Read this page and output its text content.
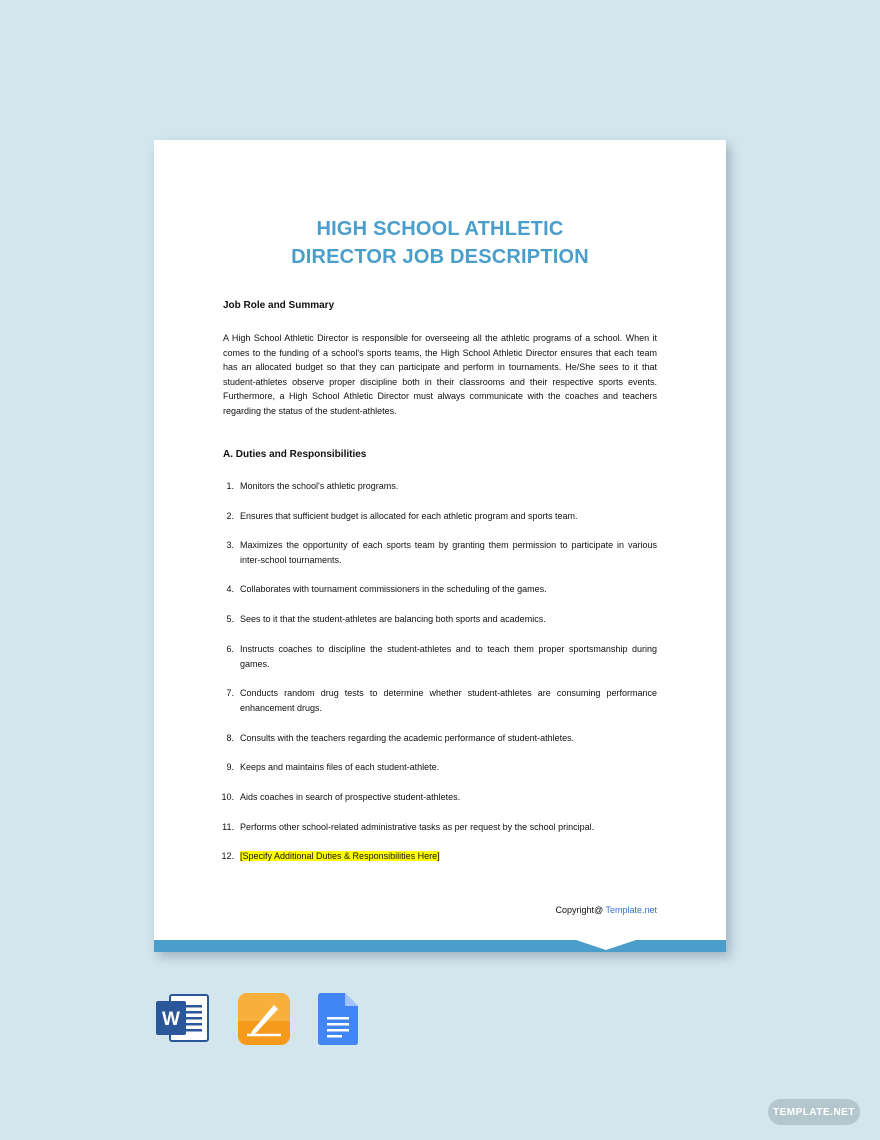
HIGH SCHOOL ATHLETIC
DIRECTOR JOB DESCRIPTION
Job Role and Summary
A High School Athletic Director is responsible for overseeing all the athletic programs of a school. When it comes to the funding of a school's sports teams, the High School Athletic Director ensures that each team has an allocated budget so that they can participate and perform in tournaments. He/She sees to it that student-athletes observe proper discipline both in their classrooms and their respective sports events. Furthermore, a High School Athletic Director must always communicate with the coaches and teachers regarding the status of the student-athletes.
A. Duties and Responsibilities
1. Monitors the school's athletic programs.
2. Ensures that sufficient budget is allocated for each athletic program and sports team.
3. Maximizes the opportunity of each sports team by granting them permission to participate in various inter-school tournaments.
4. Collaborates with tournament commissioners in the scheduling of the games.
5. Sees to it that the student-athletes are balancing both sports and academics.
6. Instructs coaches to discipline the student-athletes and to teach them proper sportsmanship during games.
7. Conducts random drug tests to determine whether student-athletes are consuming performance enhancement drugs.
8. Consults with the teachers regarding the academic performance of student-athletes.
9. Keeps and maintains files of each student-athlete.
10. Aids coaches in search of prospective student-athletes.
11. Performs other school-related administrative tasks as per request by the school principal.
12. [Specify Additional Duties & Responsibilities Here]
Copyright@ Template.net
W
TEMPLATE.NET
